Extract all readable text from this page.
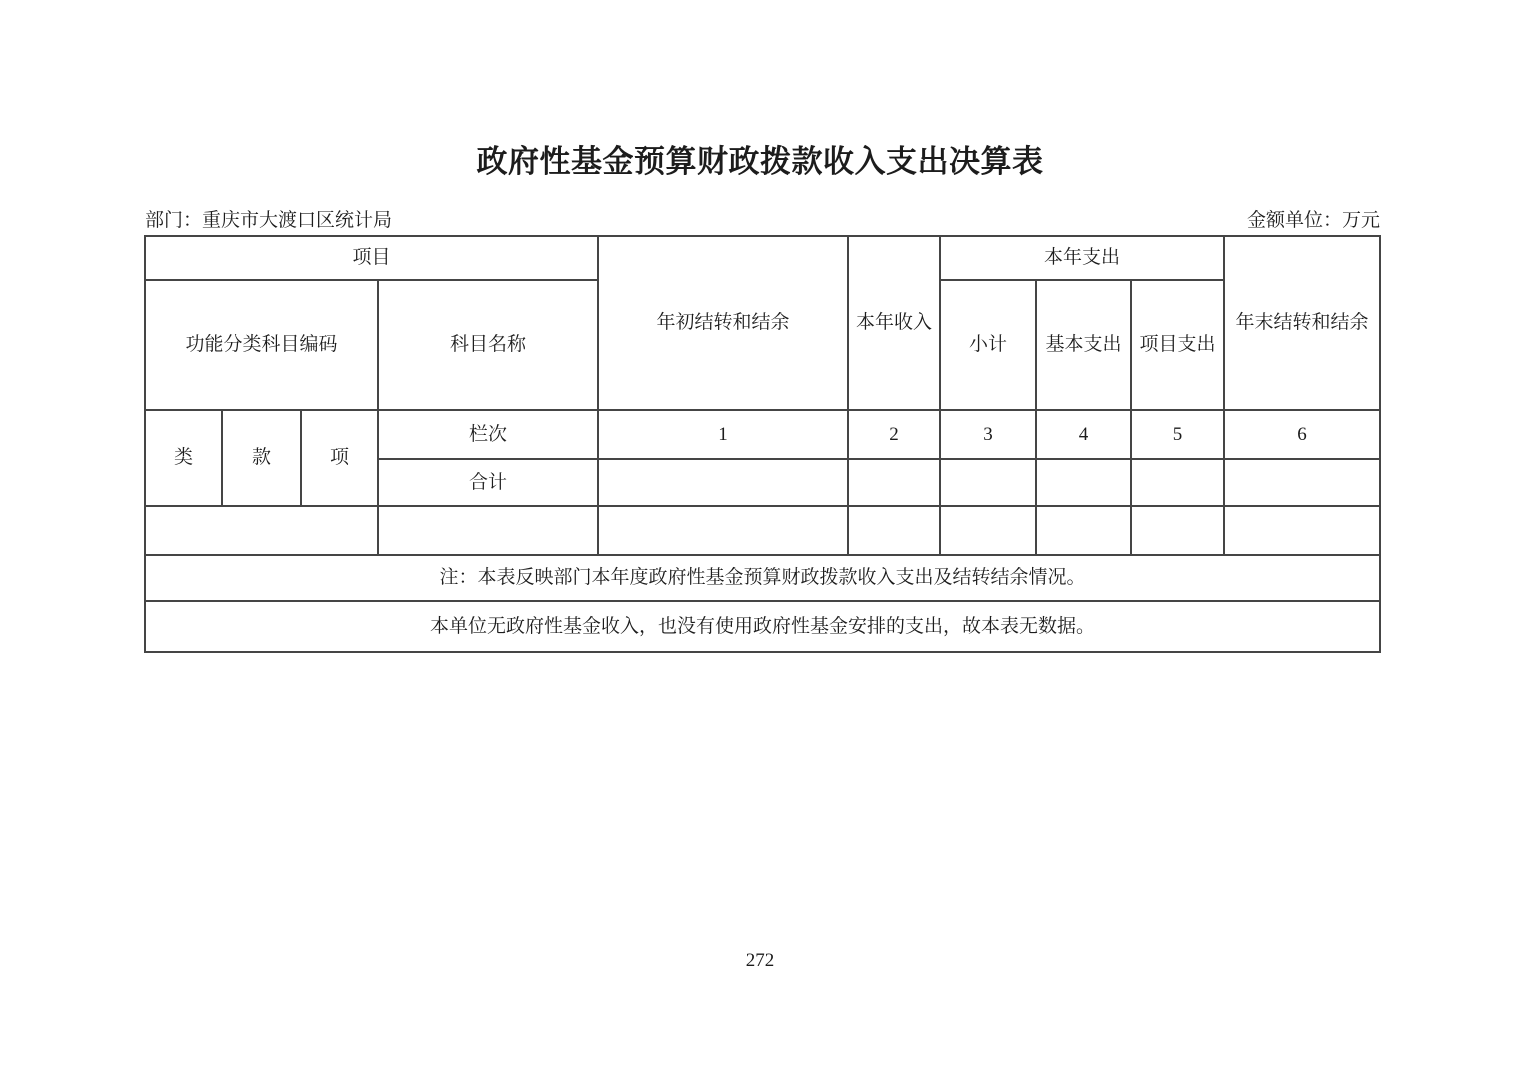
政府性基金预算财政拨款收入支出决算表
部门：重庆市大渡口区统计局	金额单位：万元
项目				年初结转和结余	本年收入	本年支出			年末结转和结余
功能分类科目编码			科目名称			小计	基本支出	项目支出	
类	款	项	栏次	1	2	3	4	5	6
			合计						

注：本表反映部门本年度政府性基金预算财政拨款收入支出及结转结余情况。									
本单位无政府性基金收入，也没有使用政府性基金安排的支出，故本表无数据。									
272
